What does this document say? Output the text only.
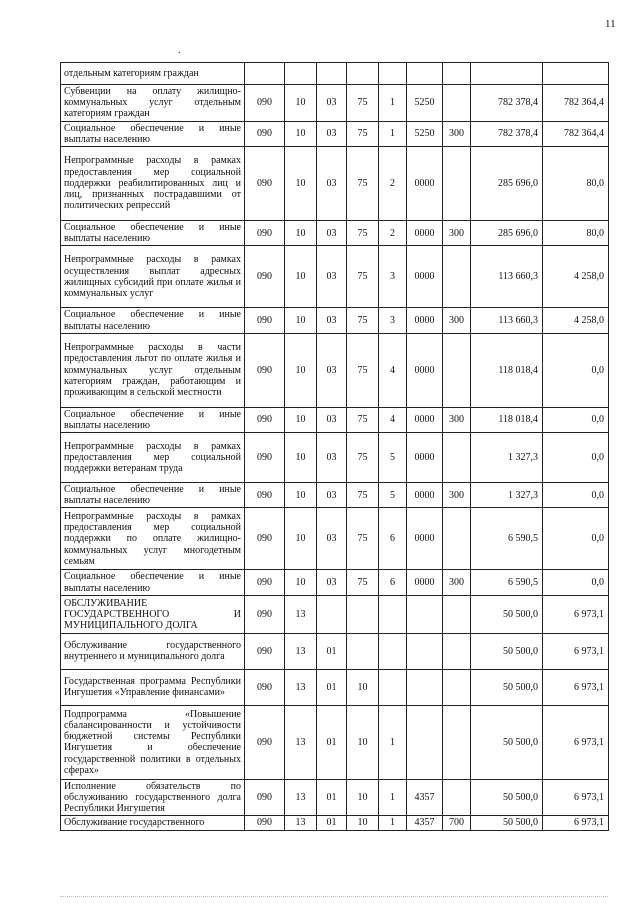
11
.
отдельным категориям граждан									
Субвенции на оплату жилищно-коммунальных услуг отдельным категориям граждан	090	10	03	75	1	5250		782 378,4	782 364,4
Социальное обеспечение и иные выплаты населению	090	10	03	75	1	5250	300	782 378,4	782 364,4
Непрограммные расходы в рамках предоставления мер социальной поддержки реабилитированных лиц и лиц, признанных пострадавшими от политических репрессий	090	10	03	75	2	0000		285 696,0	80,0
Социальное обеспечение и иные выплаты населению	090	10	03	75	2	0000	300	285 696,0	80,0
Непрограммные расходы в рамках осуществления выплат адресных жилищных субсидий при оплате жилья и коммунальных услуг	090	10	03	75	3	0000		113 660,3	4 258,0
Социальное обеспечение и иные выплаты населению	090	10	03	75	3	0000	300	113 660,3	4 258,0
Непрограммные расходы в части предоставления льгот по оплате жилья и коммунальных услуг отдельным категориям граждан, работающим и проживающим в сельской местности	090	10	03	75	4	0000		118 018,4	0,0
Социальное обеспечение и иные выплаты населению	090	10	03	75	4	0000	300	118 018,4	0,0
Непрограммные расходы в рамках предоставления мер социальной поддержки ветеранам труда	090	10	03	75	5	0000		1 327,3	0,0
Социальное обеспечение и иные выплаты населению	090	10	03	75	5	0000	300	1 327,3	0,0
Непрограммные расходы в рамках предоставления мер социальной поддержки по оплате жилищно-коммунальных услуг многодетным семьям	090	10	03	75	6	0000		6 590,5	0,0
Социальное обеспечение и иные выплаты населению	090	10	03	75	6	0000	300	6 590,5	0,0
ОБСЛУЖИВАНИЕ ГОСУДАРСТВЕННОГО И МУНИЦИПАЛЬНОГО ДОЛГА	090	13						50 500,0	6 973,1
Обслуживание государственного внутреннего и муниципального долга	090	13	01					50 500,0	6 973,1
Государственная программа Республики Ингушетия «Управление финансами»	090	13	01	10				50 500,0	6 973,1
Подпрограмма «Повышение сбалансированности и устойчивости бюджетной системы Республики Ингушетия и обеспечение государственной политики в отдельных сферах»	090	13	01	10	1			50 500,0	6 973,1
Исполнение обязательств по обслуживанию государственного долга Республики Ингушетия	090	13	01	10	1	4357		50 500,0	6 973,1
Обслуживание государственного	090	13	01	10	1	4357	700	50 500,0	6 973,1
